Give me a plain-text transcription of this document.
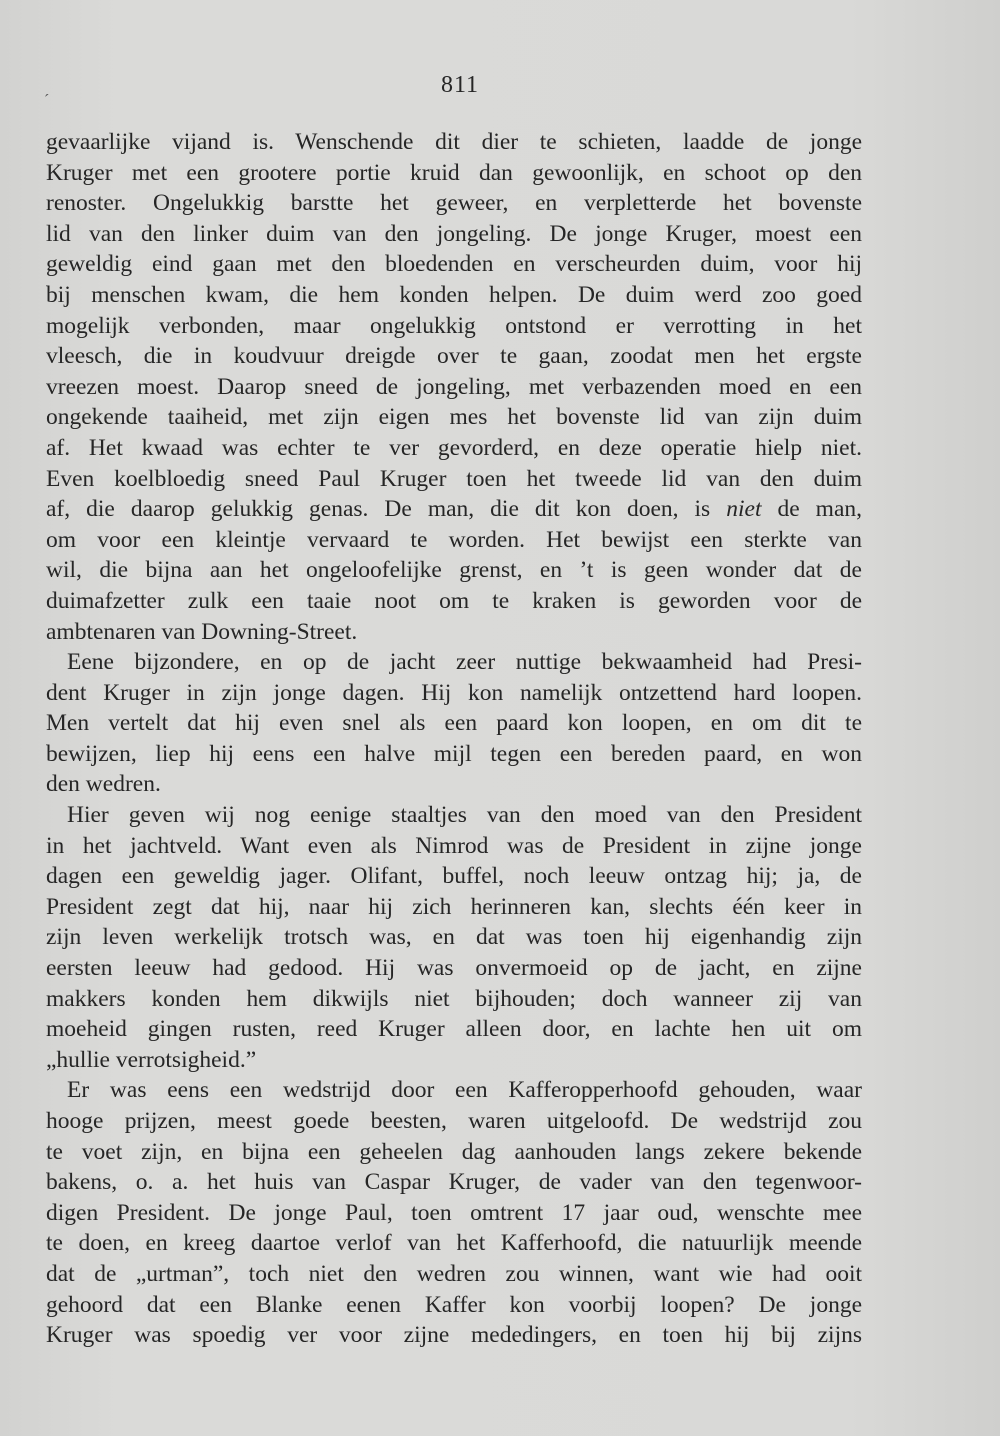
´
811
gevaarlijke vijand is. Wenschende dit dier te schieten, laadde de jonge
Kruger met een grootere portie kruid dan gewoonlijk, en schoot op den
renoster. Ongelukkig barstte het geweer, en verpletterde het bovenste
lid van den linker duim van den jongeling. De jonge Kruger, moest een
geweldig eind gaan met den bloedenden en verscheurden duim, voor hij
bij menschen kwam, die hem konden helpen. De duim werd zoo goed
mogelijk verbonden, maar ongelukkig ontstond er verrotting in het
vleesch, die in koudvuur dreigde over te gaan, zoodat men het ergste
vreezen moest. Daarop sneed de jongeling, met verbazenden moed en een
ongekende taaiheid, met zijn eigen mes het bovenste lid van zijn duim
af. Het kwaad was echter te ver gevorderd, en deze operatie hielp niet.
Even koelbloedig sneed Paul Kruger toen het tweede lid van den duim
af, die daarop gelukkig genas. De man, die dit kon doen, is niet de man,
om voor een kleintje vervaard te worden. Het bewijst een sterkte van
wil, die bijna aan het ongeloofelijke grenst, en ’t is geen wonder dat de
duimafzetter zulk een taaie noot om te kraken is geworden voor de
ambtenaren van Downing-Street.
Eene bijzondere, en op de jacht zeer nuttige bekwaamheid had Presi-
dent Kruger in zijn jonge dagen. Hij kon namelijk ontzettend hard loopen.
Men vertelt dat hij even snel als een paard kon loopen, en om dit te
bewijzen, liep hij eens een halve mijl tegen een bereden paard, en won
den wedren.
Hier geven wij nog eenige staaltjes van den moed van den President
in het jachtveld. Want even als Nimrod was de President in zijne jonge
dagen een geweldig jager. Olifant, buffel, noch leeuw ontzag hij; ja, de
President zegt dat hij, naar hij zich herinneren kan, slechts één keer in
zijn leven werkelijk trotsch was, en dat was toen hij eigenhandig zijn
eersten leeuw had gedood. Hij was onvermoeid op de jacht, en zijne
makkers konden hem dikwijls niet bijhouden; doch wanneer zij van
moeheid gingen rusten, reed Kruger alleen door, en lachte hen uit om
„hullie verrotsigheid.”
Er was eens een wedstrijd door een Kafferopperhoofd gehouden, waar
hooge prijzen, meest goede beesten, waren uitgeloofd. De wedstrijd zou
te voet zijn, en bijna een geheelen dag aanhouden langs zekere bekende
bakens, o. a. het huis van Caspar Kruger, de vader van den tegenwoor-
digen President. De jonge Paul, toen omtrent 17 jaar oud, wenschte mee
te doen, en kreeg daartoe verlof van het Kafferhoofd, die natuurlijk meende
dat de „urtman”, toch niet den wedren zou winnen, want wie had ooit
gehoord dat een Blanke eenen Kaffer kon voorbij loopen? De jonge
Kruger was spoedig ver voor zijne mededingers, en toen hij bij zijns
